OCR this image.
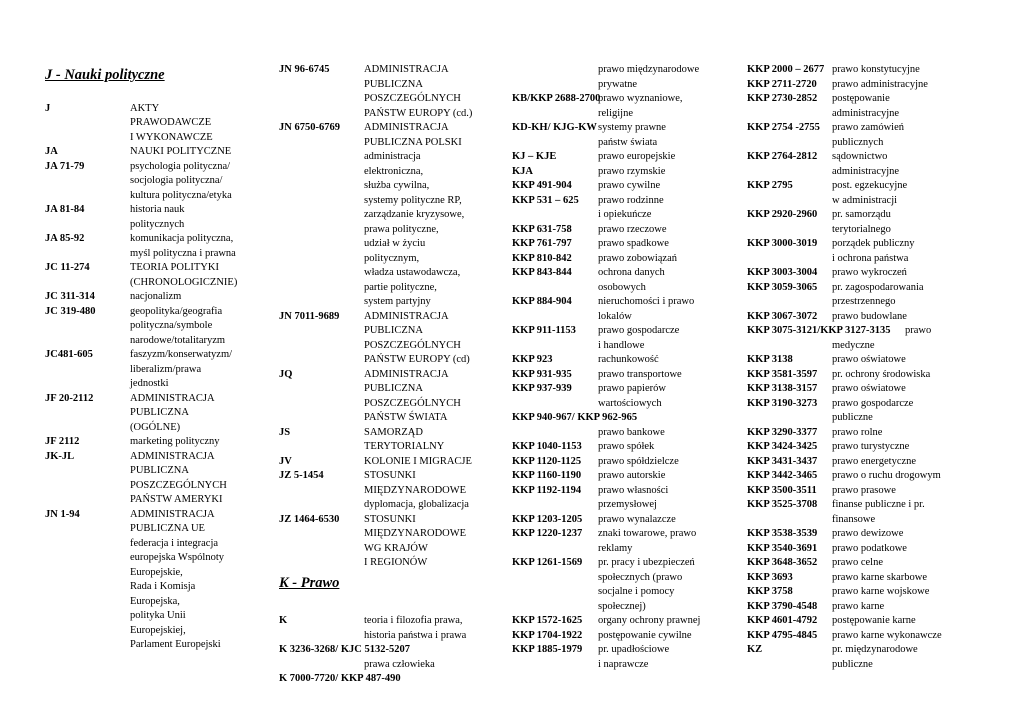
J - Nauki polityczne
J	AKTY
PRAWODAWCZE
I WYKONAWCZE
JA	NAUKI POLITYCZNE
JA 71-79	psychologia polityczna/
socjologia polityczna/
kultura polityczna/etyka
JA 81-84	historia nauk
politycznych
JA 85-92	komunikacja polityczna,
myśl polityczna i prawna
JC 11-274	TEORIA POLITYKI
(CHRONOLOGICZNIE)
JC 311-314	nacjonalizm
JC 319-480	geopolityka/geografia
polityczna/symbole
narodowe/totalitaryzm
JC481-605	faszyzm/konserwatyzm/
liberalizm/prawa
jednostki
JF 20-2112	ADMINISTRACJA
PUBLICZNA
(OGÓLNE)
JF 2112	marketing polityczny
JK-JL	ADMINISTRACJA
PUBLICZNA
POSZCZEGÓLNYCH
PAŃSTW AMERYKI
JN 1-94	ADMINISTRACJA
PUBLICZNA UE
federacja i integracja
europejska Wspólnoty
Europejskie,
Rada i Komisja
Europejska,
polityka Unii
Europejskiej,
Parlament Europejski
JN 96-6745	ADMINISTRACJA
PUBLICZNA
POSZCZEGÓLNYCH
PAŃSTW EUROPY (cd.)
JN 6750-6769 ADMINISTRACJA
PUBLICZNA POLSKI
administracja
elektroniczna,
służba cywilna,
systemy polityczne RP,
zarządzanie kryzysowe,
prawa polityczne,
udział w życiu
politycznym,
władza ustawodawcza,
partie polityczne,
system partyjny
JN 7011-9689 ADMINISTRACJA
PUBLICZNA
POSZCZEGÓLNYCH
PAŃSTW EUROPY (cd)
JQ	ADMINISTRACJA
PUBLICZNA
POSZCZEGÓLNYCH
PAŃSTW ŚWIATA
JS	SAMORZĄD
TERYTORIALNY
JV	KOLONIE I MIGRACJE
JZ 5-1454	STOSUNKI
MIĘDZYNARODOWE
dyplomacja, globalizacja
JZ 1464-6530 STOSUNKI
MIĘDZYNARODOWE
WG KRAJÓW
I REGIONÓW
K - Prawo
K	teoria i filozofia prawa,
historia państwa i prawa
K 3236-3268/ KJC 5132-5207
prawa człowieka
K 7000-7720/ KKP 487-490
prawo międzynarodowe
prywatne
KB/KKP 2688-2700
prawo wyznaniowe,
religijne
KD-KH/ KJG-KW systemy prawne
państw świata
KJ – KJE	prawo europejskie
KJA	prawo rzymskie
KKP 491-904 prawo cywilne
KKP 531 – 625 prawo rodzinne
i opiekuńcze
KKP 631-758 prawo rzeczowe
KKP 761-797 prawo spadkowe
KKP 810-842 prawo zobowiązań
KKP 843-844 ochrona danych
osobowych
KKP 884-904 nieruchomości i prawo
lokalów
KKP 911-1153 prawo gospodarcze
i handlowe
KKP 923	rachunkowość
KKP 931-935 prawo transportowe
KKP 937-939 prawo papierów
wartościowych
KKP 940-967/ KKP 962-965
prawo bankowe
KKP 1040-1153 prawo spółek
KKP 1120-1125 prawo spółdzielcze
KKP 1160-1190 prawo autorskie
KKP 1192-1194 prawo własności
przemysłowej
KKP 1203-1205 prawo wynalazcze
KKP 1220-1237 znaki towarowe, prawo
reklamy
KKP 1261-1569 pr. pracy i ubezpieczeń
społecznych (prawo
socjalne i pomocy
społecznej)
KKP 1572-1625 organy ochrony prawnej
KKP 1704-1922 postępowanie cywilne
KKP 1885-1979 pr. upadłościowe
i naprawcze
KKP 2000 – 2677 prawo konstytucyjne
KKP 2711-2720 prawo administracyjne
KKP 2730-2852 postępowanie
administracyjne
KKP 2754 -2755 prawo zamówień
publicznych
KKP 2764-2812 sądownictwo
administracyjne
KKP 2795	post. egzekucyjne
w administracji
KKP 2920-2960 pr. samorządu
terytorialnego
KKP 3000-3019 porządek publiczny
i ochrona państwa
KKP 3003-3004 prawo wykroczeń
KKP 3059-3065 pr. zagospodarowania
przestrzennego
KKP 3067-3072 prawo budowlane
KKP 3075-3121/KKP 3127-3135 prawo
medyczne
KKP 3138	prawo oświatowe
KKP 3581-3597 pr. ochrony środowiska
KKP 3138-3157 prawo oświatowe
KKP 3190-3273 prawo gospodarcze
publiczne
KKP 3290-3377 prawo rolne
KKP 3424-3425 prawo turystyczne
KKP 3431-3437 prawo energetyczne
KKP 3442-3465 prawo o ruchu drogowym
KKP 3500-3511 prawo prasowe
KKP 3525-3708 finanse publiczne i pr.
finansowe
KKP 3538-3539 prawo dewizowe
KKP 3540-3691 prawo podatkowe
KKP 3648-3652 prawo celne
KKP 3693	prawo karne skarbowe
KKP 3758	prawo karne wojskowe
KKP 3790-4548 prawo karne
KKP 4601-4792 postępowanie karne
KKP 4795-4845 prawo karne wykonawcze
KZ	pr. międzynarodowe
publiczne
